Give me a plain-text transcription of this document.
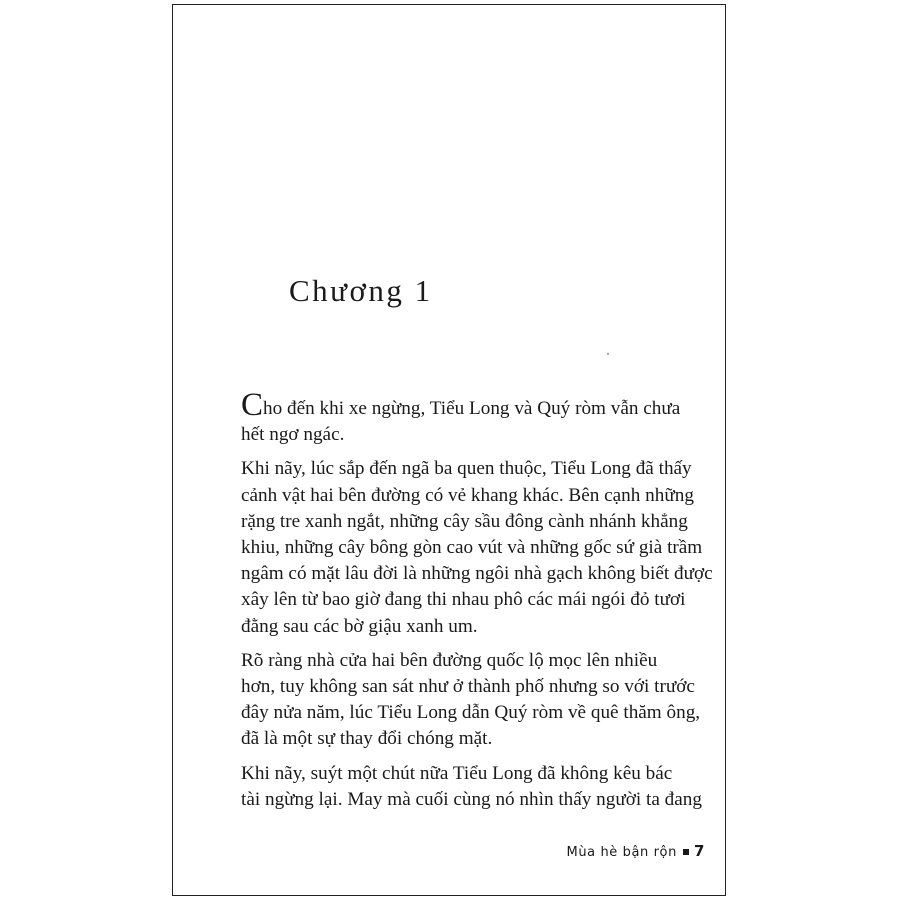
Chương 1

Cho đến khi xe ngừng, Tiểu Long và Quý ròm vẫn chưa
hết ngơ ngác.

Khi nãy, lúc sắp đến ngã ba quen thuộc, Tiểu Long đã thấy
cảnh vật hai bên đường có vẻ khang khác. Bên cạnh những
rặng tre xanh ngắt, những cây sầu đông cành nhánh khẳng
khiu, những cây bông gòn cao vút và những gốc sứ già trầm
ngâm có mặt lâu đời là những ngôi nhà gạch không biết được
xây lên từ bao giờ đang thi nhau phô các mái ngói đỏ tươi
đằng sau các bờ giậu xanh um.

Rõ ràng nhà cửa hai bên đường quốc lộ mọc lên nhiều
hơn, tuy không san sát như ở thành phố nhưng so với trước
đây nửa năm, lúc Tiểu Long dẫn Quý ròm về quê thăm ông,
đã là một sự thay đổi chóng mặt.

Khi nãy, suýt một chút nữa Tiểu Long đã không kêu bác
tài ngừng lại. May mà cuối cùng nó nhìn thấy người ta đang

Mùa hè bận rộn 7
